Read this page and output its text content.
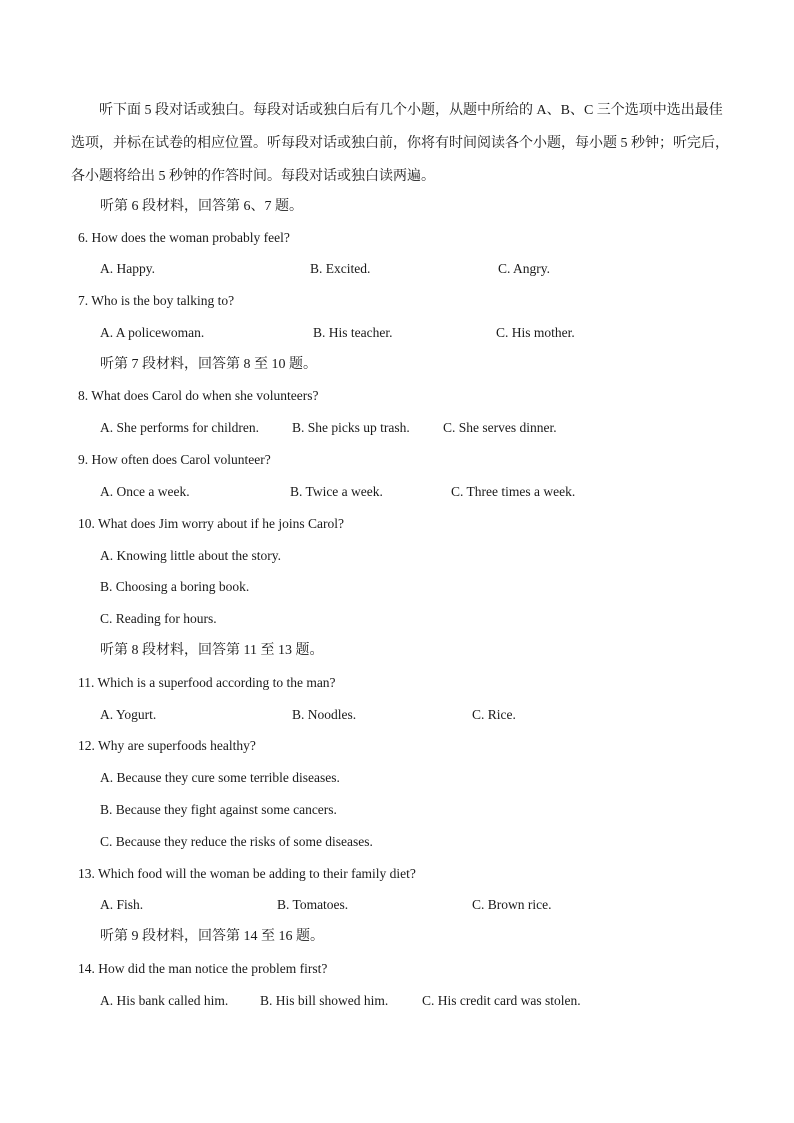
听下面 5 段对话或独白。每段对话或独白后有几个小题，从题中所给的 A、B、C 三个选项中选出最佳选项，并标在试卷的相应位置。听每段对话或独白前，你将有时间阅读各个小题，每小题 5 秒钟；听完后，各小题将给出 5 秒钟的作答时间。每段对话或独白读两遍。
听第 6 段材料，回答第 6、7 题。
6. How does the woman probably feel?
A. Happy.	B. Excited.	C. Angry.
7. Who is the boy talking to?
A. A policewoman.	B. His teacher.	C. His mother.
听第 7 段材料，回答第 8 至 10 题。
8. What does Carol do when she volunteers?
A. She performs for children. B. She picks up trash. C. She serves dinner.
9. How often does Carol volunteer?
A. Once a week.	B. Twice a week.	C. Three times a week.
10. What does Jim worry about if he joins Carol?
A. Knowing little about the story.
B. Choosing a boring book.
C. Reading for hours.
听第 8 段材料，回答第 11 至 13 题。
11. Which is a superfood according to the man?
A. Yogurt.	B. Noodles.	C. Rice.
12. Why are superfoods healthy?
A. Because they cure some terrible diseases.
B. Because they fight against some cancers.
C. Because they reduce the risks of some diseases.
13. Which food will the woman be adding to their family diet?
A. Fish.	B. Tomatoes.	C. Brown rice.
听第 9 段材料，回答第 14 至 16 题。
14. How did the man notice the problem first?
A. His bank called him. B. His bill showed him. C. His credit card was stolen.
